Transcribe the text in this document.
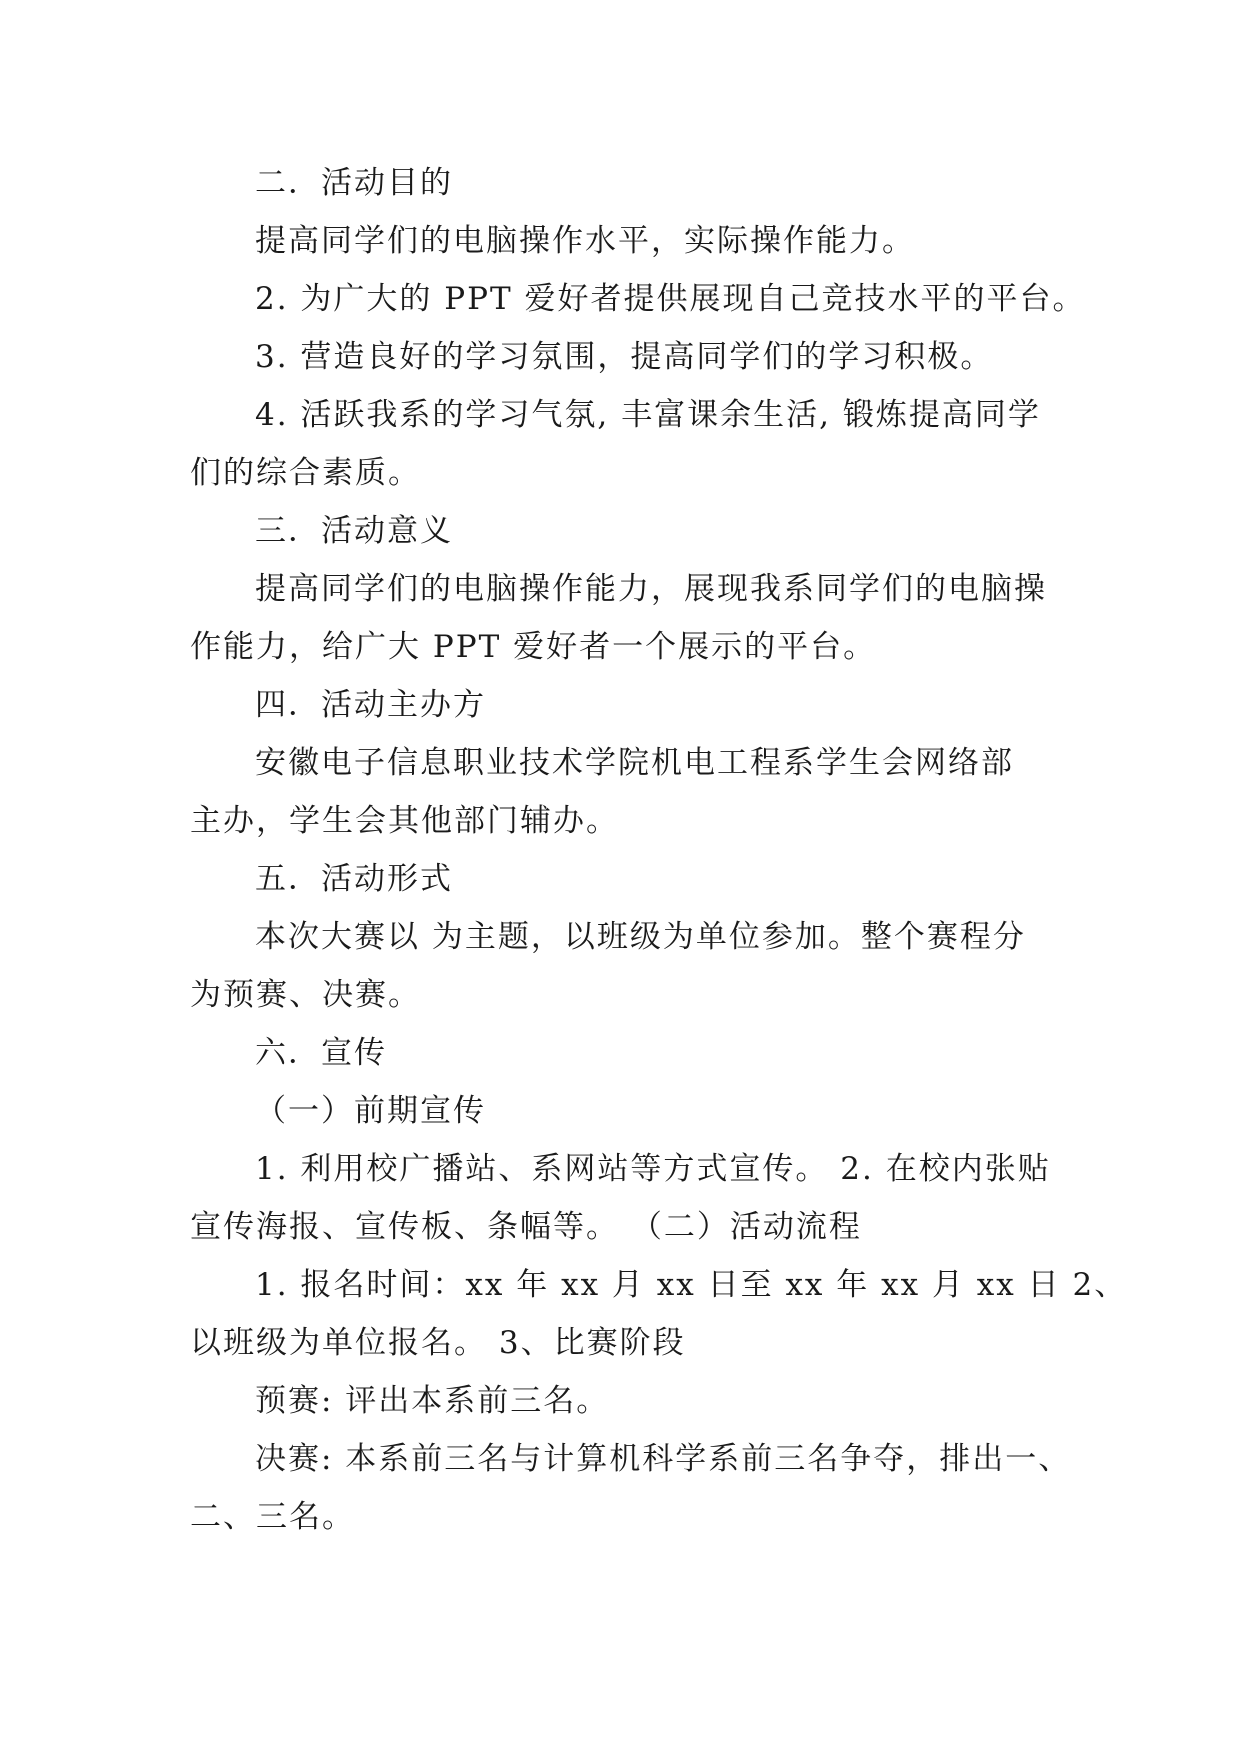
二．活动目的
提高同学们的电脑操作水平，实际操作能力。
2. 为广大的 PPT 爱好者提供展现自己竞技水平的平台。
3. 营造良好的学习氛围，提高同学们的学习积极。
4. 活跃我系的学习气氛, 丰富课余生活, 锻炼提高同学
们的综合素质。
三．活动意义
提高同学们的电脑操作能力，展现我系同学们的电脑操
作能力，给广大 PPT 爱好者一个展示的平台。
四．活动主办方
安徽电子信息职业技术学院机电工程系学生会网络部
主办，学生会其他部门辅办。
五．活动形式
本次大赛以 为主题，以班级为单位参加。整个赛程分
为预赛、决赛。
六．宣传
（一）前期宣传
1. 利用校广播站、系网站等方式宣传。 2. 在校内张贴
宣传海报、宣传板、条幅等。 （二）活动流程
1. 报名时间：xx 年 xx 月 xx 日至 xx 年 xx 月 xx 日 2、
以班级为单位报名。 3、比赛阶段
预赛: 评出本系前三名。
决赛: 本系前三名与计算机科学系前三名争夺，排出一、
二、三名。
